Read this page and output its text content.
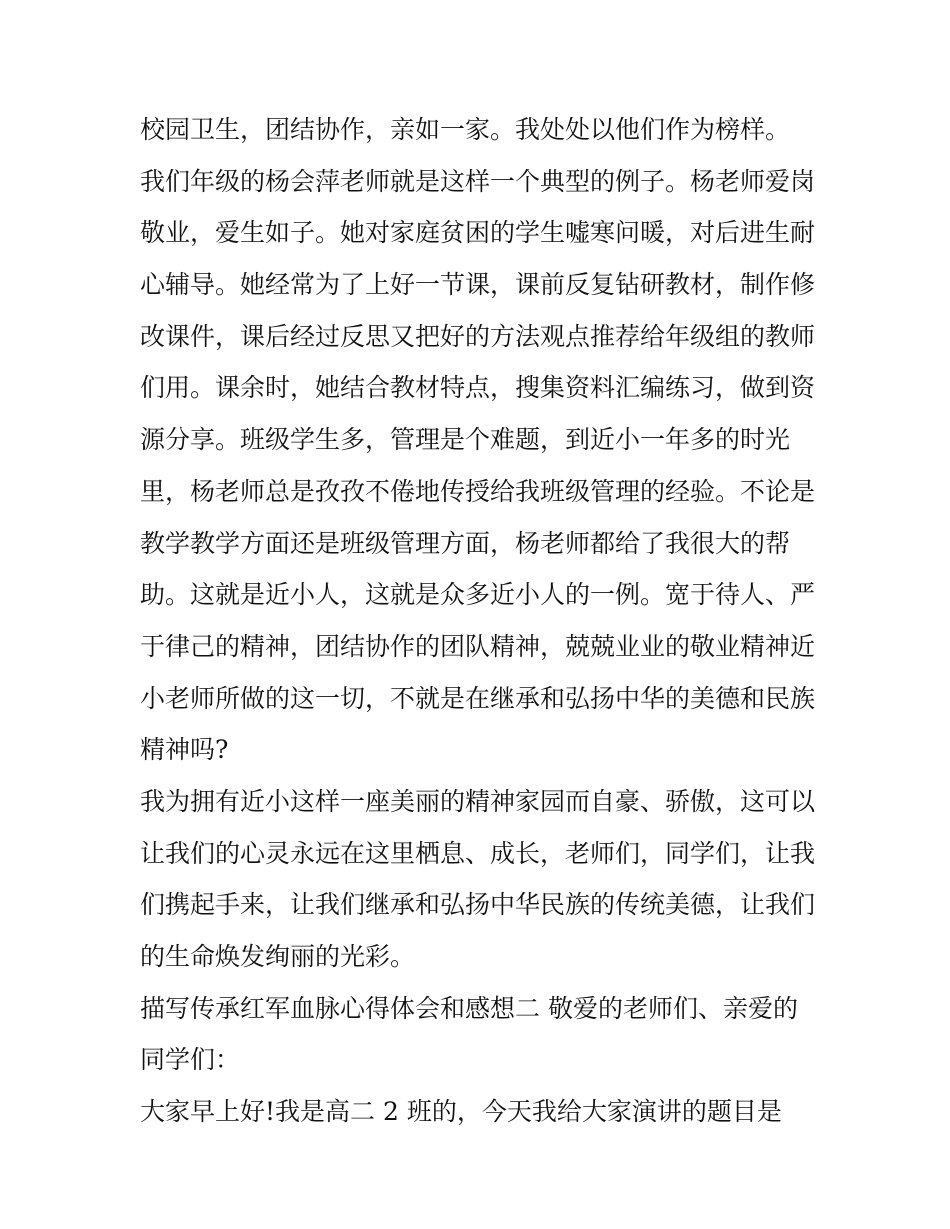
校园卫生，团结协作，亲如一家。我处处以他们作为榜样。
我们年级的杨会萍老师就是这样一个典型的例子。杨老师爱岗
敬业，爱生如子。她对家庭贫困的学生嘘寒问暖，对后进生耐
心辅导。她经常为了上好一节课，课前反复钻研教材，制作修
改课件，课后经过反思又把好的方法观点推荐给年级组的教师
们用。课余时，她结合教材特点，搜集资料汇编练习，做到资
源分享。班级学生多，管理是个难题，到近小一年多的时光
里，杨老师总是孜孜不倦地传授给我班级管理的经验。不论是
教学教学方面还是班级管理方面，杨老师都给了我很大的帮
助。这就是近小人，这就是众多近小人的一例。宽于待人、严
于律己的精神，团结协作的团队精神，兢兢业业的敬业精神近
小老师所做的这一切，不就是在继承和弘扬中华的美德和民族
精神吗?
我为拥有近小这样一座美丽的精神家园而自豪、骄傲，这可以
让我们的心灵永远在这里栖息、成长，老师们，同学们，让我
们携起手来，让我们继承和弘扬中华民族的传统美德，让我们
的生命焕发绚丽的光彩。
描写传承红军血脉心得体会和感想二 敬爱的老师们、亲爱的
同学们：
大家早上好!我是高二 2 班的，今天我给大家演讲的题目是
